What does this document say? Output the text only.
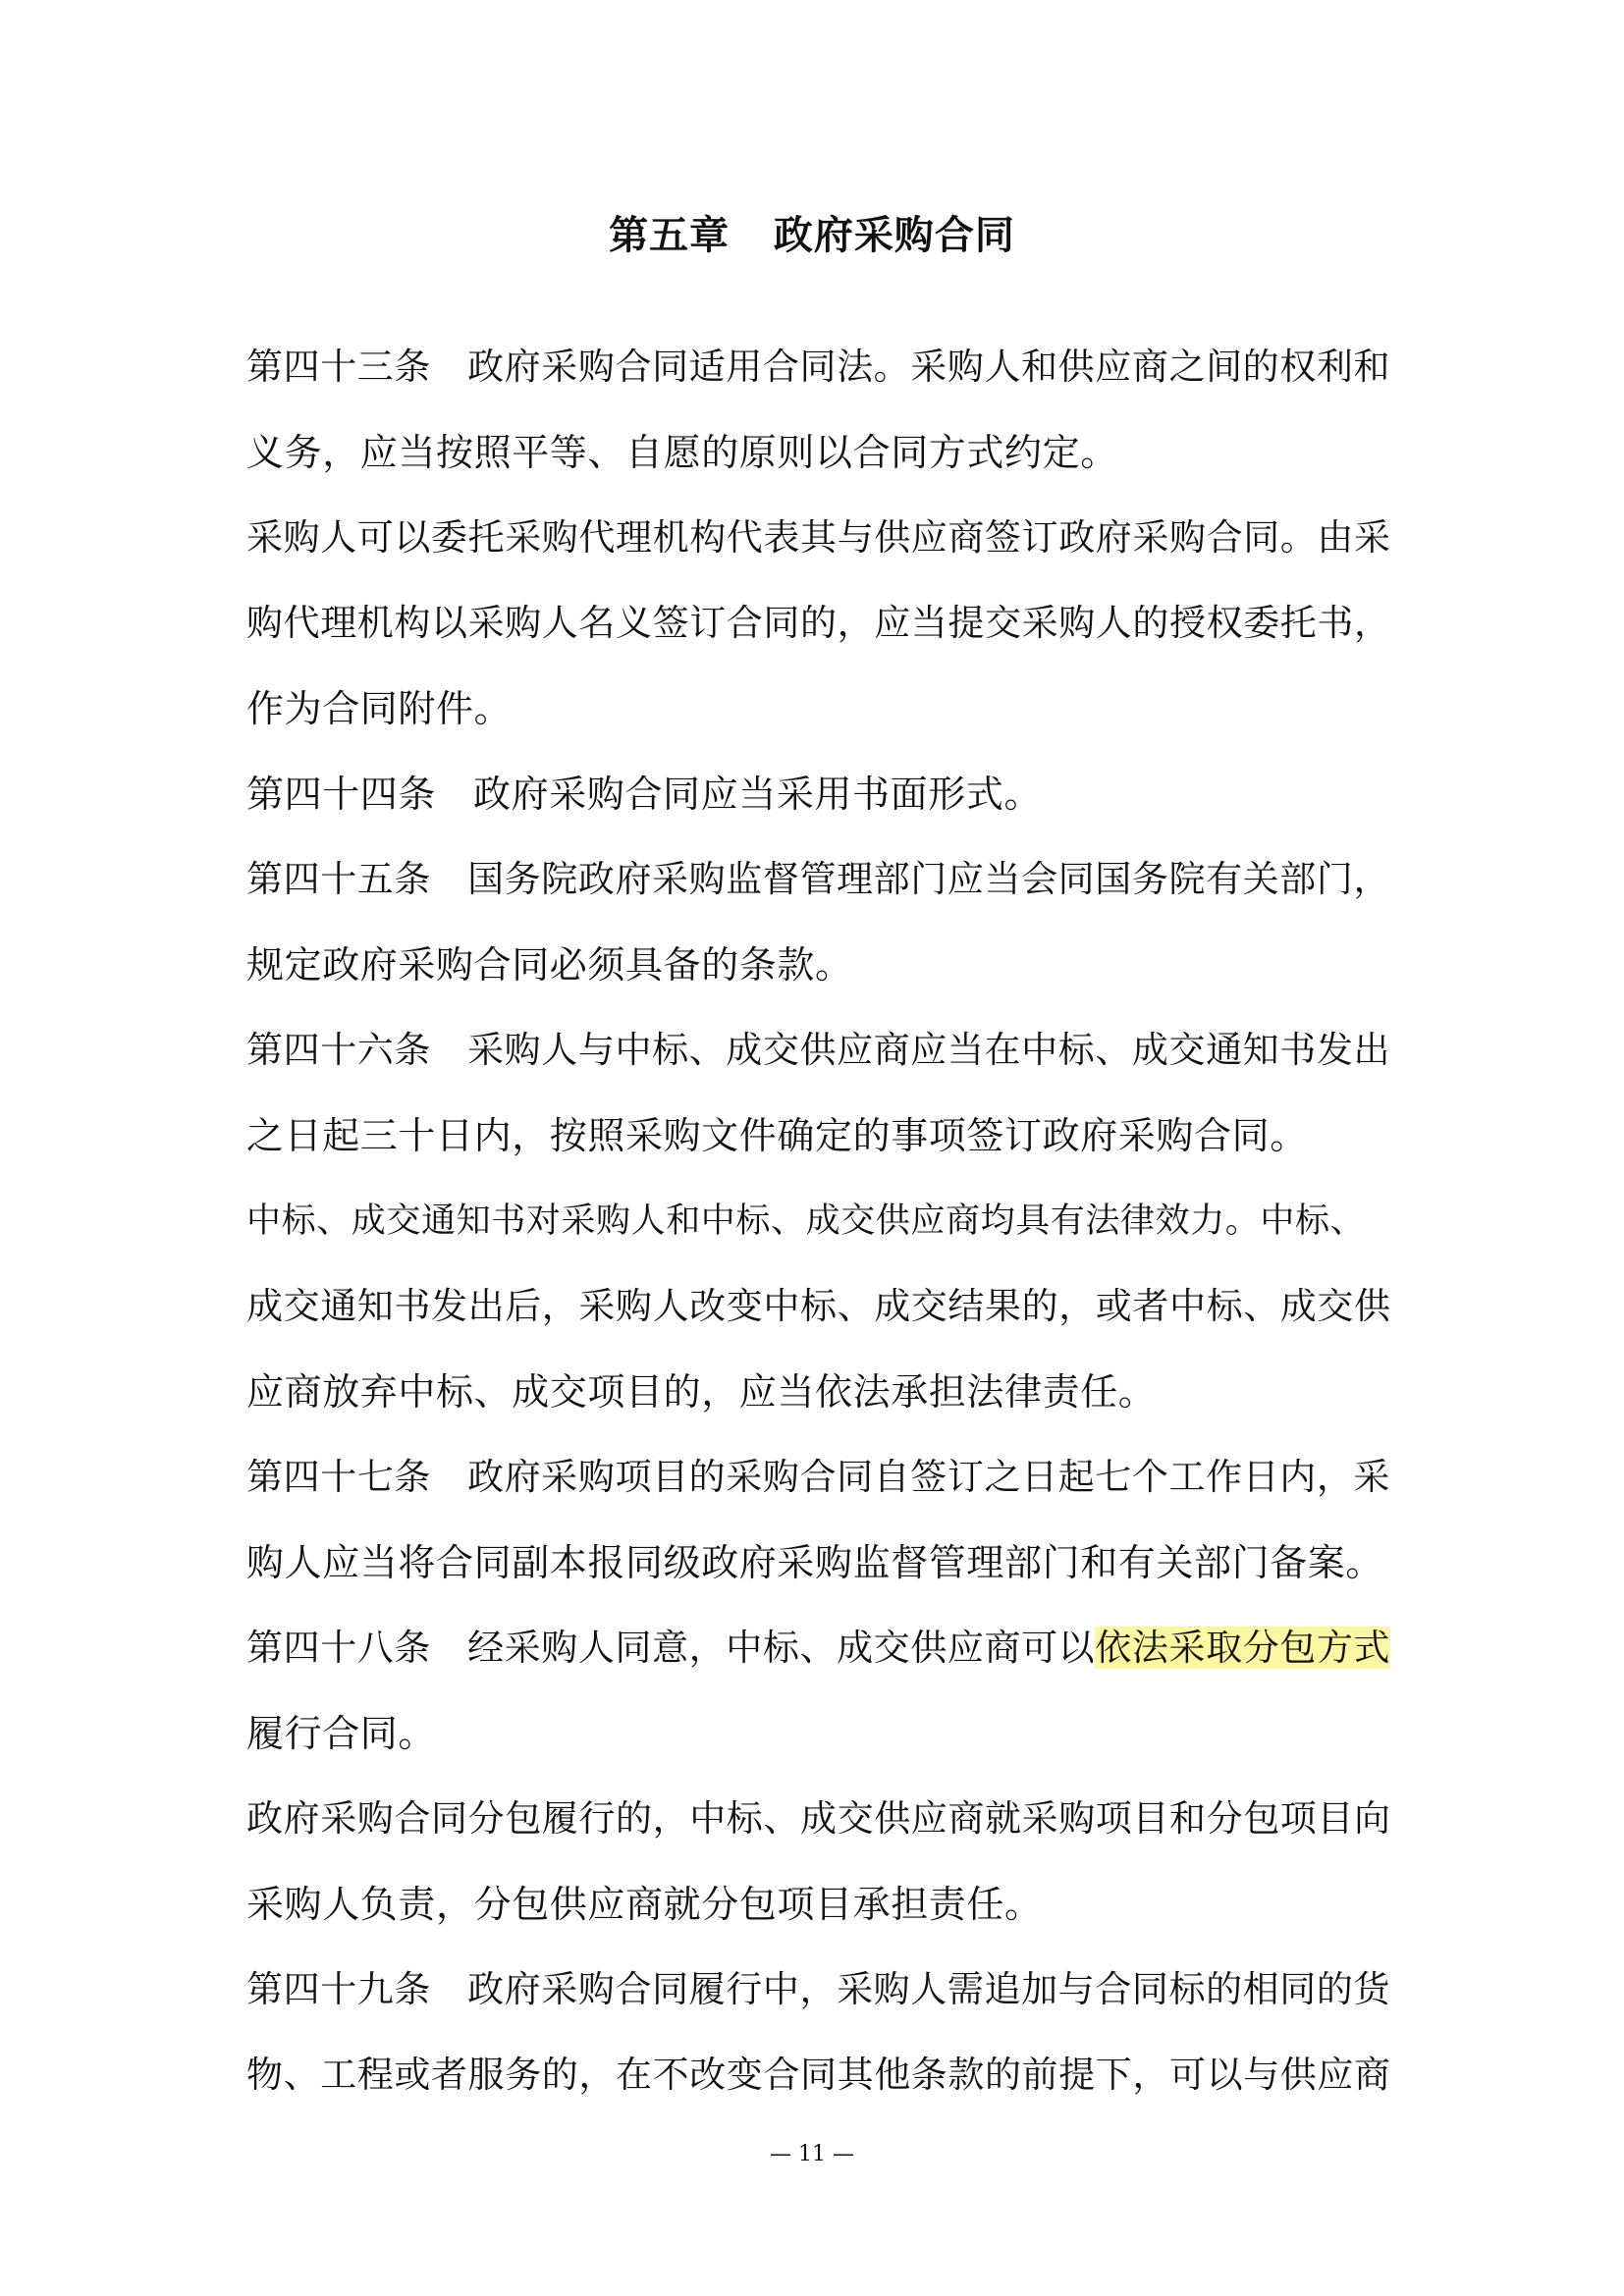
第五章   政府采购合同
第四十三条   政府采购合同适用合同法。采购人和供应商之间的权利和
义务，应当按照平等、自愿的原则以合同方式约定。
采购人可以委托采购代理机构代表其与供应商签订政府采购合同。由采
购代理机构以采购人名义签订合同的，应当提交采购人的授权委托书，
作为合同附件。
第四十四条   政府采购合同应当采用书面形式。
第四十五条   国务院政府采购监督管理部门应当会同国务院有关部门，
规定政府采购合同必须具备的条款。
第四十六条   采购人与中标、成交供应商应当在中标、成交通知书发出
之日起三十日内，按照采购文件确定的事项签订政府采购合同。
中标、成交通知书对采购人和中标、成交供应商均具有法律效力。中标、
成交通知书发出后，采购人改变中标、成交结果的，或者中标、成交供
应商放弃中标、成交项目的，应当依法承担法律责任。
第四十七条   政府采购项目的采购合同自签订之日起七个工作日内，采
购人应当将合同副本报同级政府采购监督管理部门和有关部门备案。
第四十八条   经采购人同意，中标、成交供应商可以依法采取分包方式
履行合同。
政府采购合同分包履行的，中标、成交供应商就采购项目和分包项目向
采购人负责，分包供应商就分包项目承担责任。
第四十九条   政府采购合同履行中，采购人需追加与合同标的相同的货
物、工程或者服务的，在不改变合同其他条款的前提下，可以与供应商
— 11 —
